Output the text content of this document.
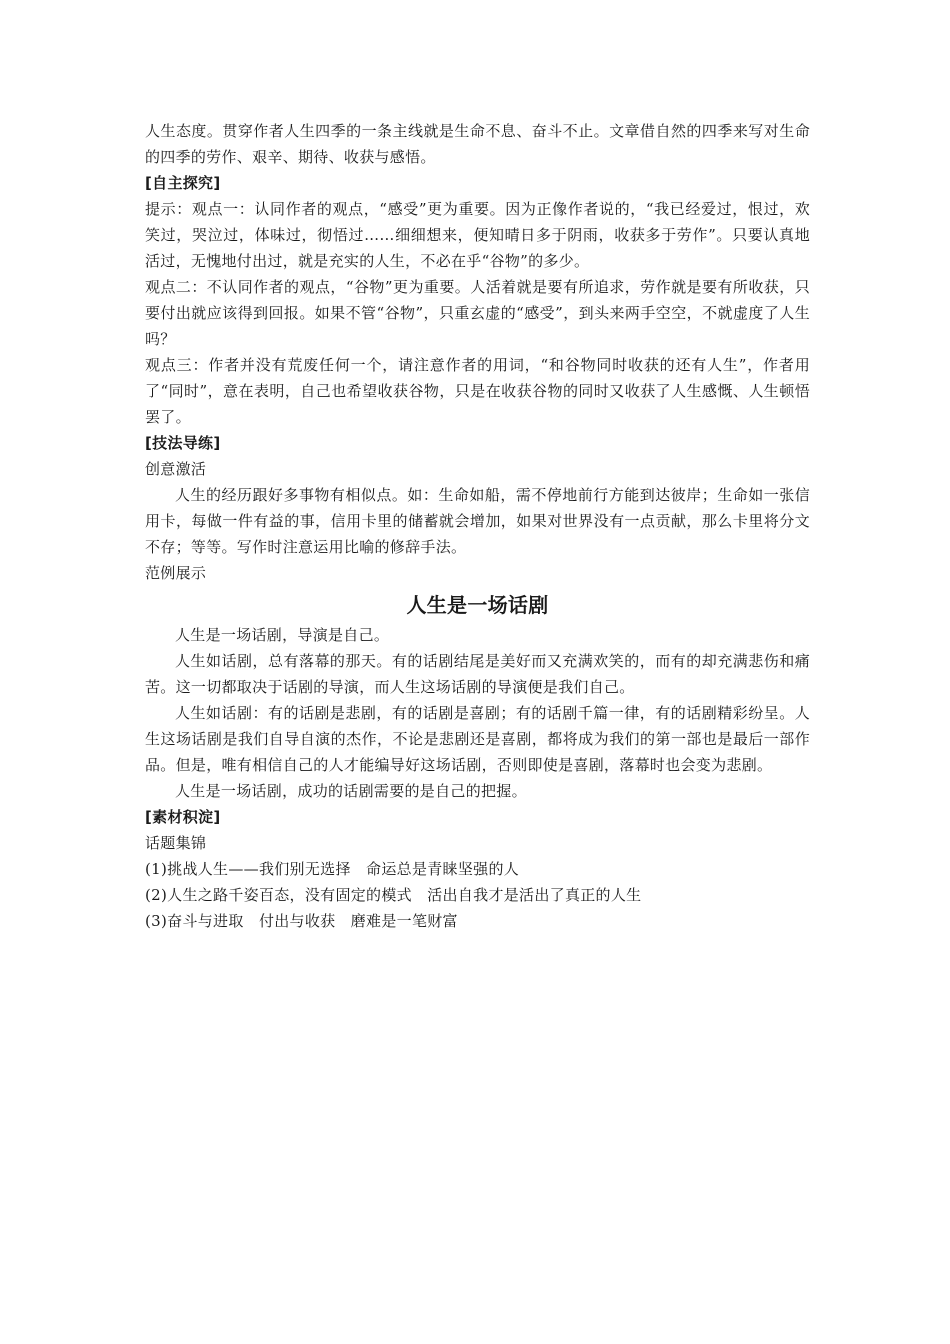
人生态度。贯穿作者人生四季的一条主线就是生命不息、奋斗不止。文章借自然的四季来写对生命的四季的劳作、艰辛、期待、收获与感悟。

[自主探究]

提示：观点一：认同作者的观点，“感受”更为重要。因为正像作者说的，“我已经爱过，恨过，欢笑过，哭泣过，体味过，彻悟过……细细想来，便知晴日多于阴雨，收获多于劳作”。只要认真地活过，无愧地付出过，就是充实的人生，不必在乎“谷物”的多少。

观点二：不认同作者的观点，“谷物”更为重要。人活着就是要有所追求，劳作就是要有所收获，只要付出就应该得到回报。如果不管“谷物”，只重玄虚的“感受”，到头来两手空空，不就虚度了人生吗？

观点三：作者并没有荒废任何一个，请注意作者的用词，“和谷物同时收获的还有人生”，作者用了“同时”，意在表明，自己也希望收获谷物，只是在收获谷物的同时又收获了人生感慨、人生顿悟罢了。

[技法导练]

创意激活

人生的经历跟好多事物有相似点。如：生命如船，需不停地前行方能到达彼岸；生命如一张信用卡，每做一件有益的事，信用卡里的储蓄就会增加，如果对世界没有一点贡献，那么卡里将分文不存；等等。写作时注意运用比喻的修辞手法。

范例展示

人生是一场话剧

人生是一场话剧，导演是自己。

人生如话剧，总有落幕的那天。有的话剧结尾是美好而又充满欢笑的，而有的却充满悲伤和痛苦。这一切都取决于话剧的导演，而人生这场话剧的导演便是我们自己。

人生如话剧：有的话剧是悲剧，有的话剧是喜剧；有的话剧千篇一律，有的话剧精彩纷呈。人生这场话剧是我们自导自演的杰作，不论是悲剧还是喜剧，都将成为我们的第一部也是最后一部作品。但是，唯有相信自己的人才能编导好这场话剧，否则即使是喜剧，落幕时也会变为悲剧。

人生是一场话剧，成功的话剧需要的是自己的把握。

[素材积淀]

话题集锦

(1)挑战人生——我们别无选择　命运总是青睐坚强的人

(2)人生之路千姿百态，没有固定的模式　活出自我才是活出了真正的人生

(3)奋斗与进取　付出与收获　磨难是一笔财富
